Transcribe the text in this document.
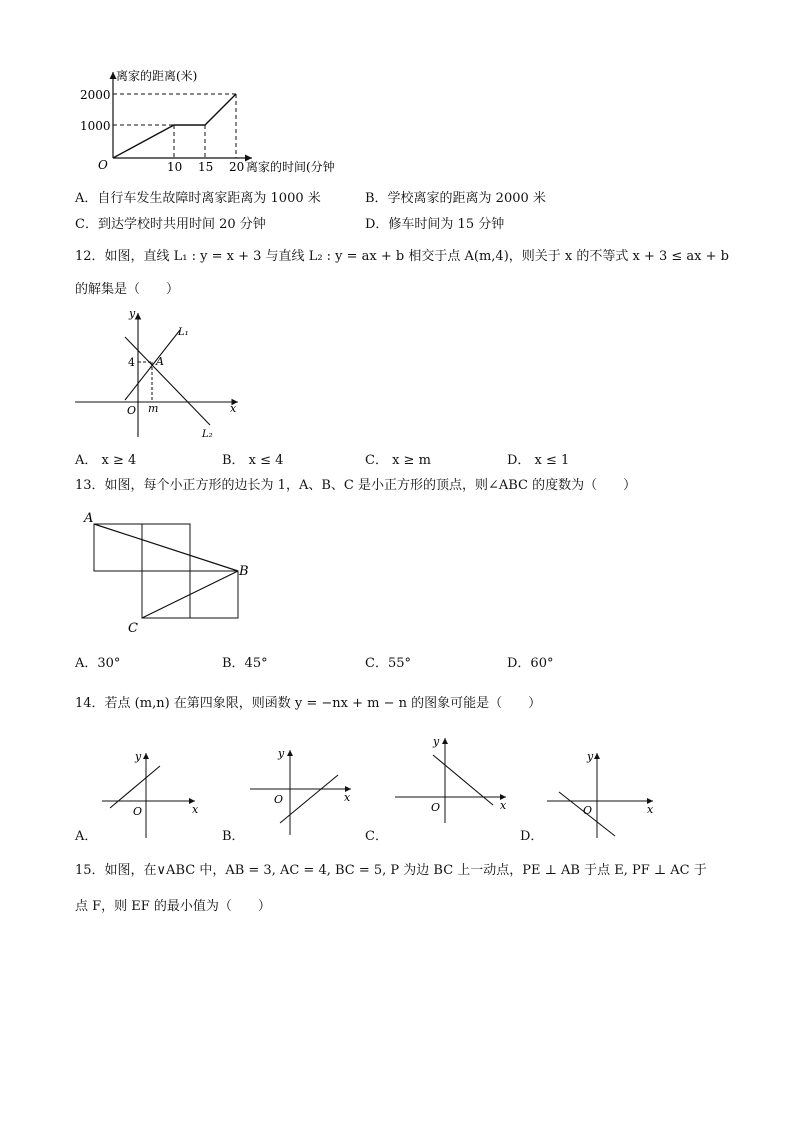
离家的距离(米)
2000
1000
O	10 15 20 离家的时间(分钟
A．自行车发生故障时离家距离为 1000 米	B．学校离家的距离为 2000 米
C．到达学校时共用时间 20 分钟	D．修车时间为 15 分钟
12．如图，直线 L₁ : y = x + 3 与直线 L₂ : y = ax + b 相交于点 A(m,4)，则关于 x 的不等式 x + 3 ≤ ax + b
的解集是（　　）
y
x
L₁
L₂
4 A
O m
A． x ≥ 4	B． x ≤ 4	C． x ≥ m	D． x ≤ 1
13．如图，每个小正方形的边长为 1，A、B、C 是小正方形的顶点，则∠ABC 的度数为（　　）
A
B
C
A．30°	B．45°	C．55°	D．60°
14．若点 (m,n) 在第四象限，则函数 y = −nx + m − n 的图象可能是（　　）
y
x
O
A．
y
x
O
B．
y
x
O
C．
y
x
O
D．
15．如图，在∨ABC 中，AB = 3, AC = 4, BC = 5, P 为边 BC 上一动点，PE ⊥ AB 于点 E, PF ⊥ AC 于
点 F，则 EF 的最小值为（　　）
